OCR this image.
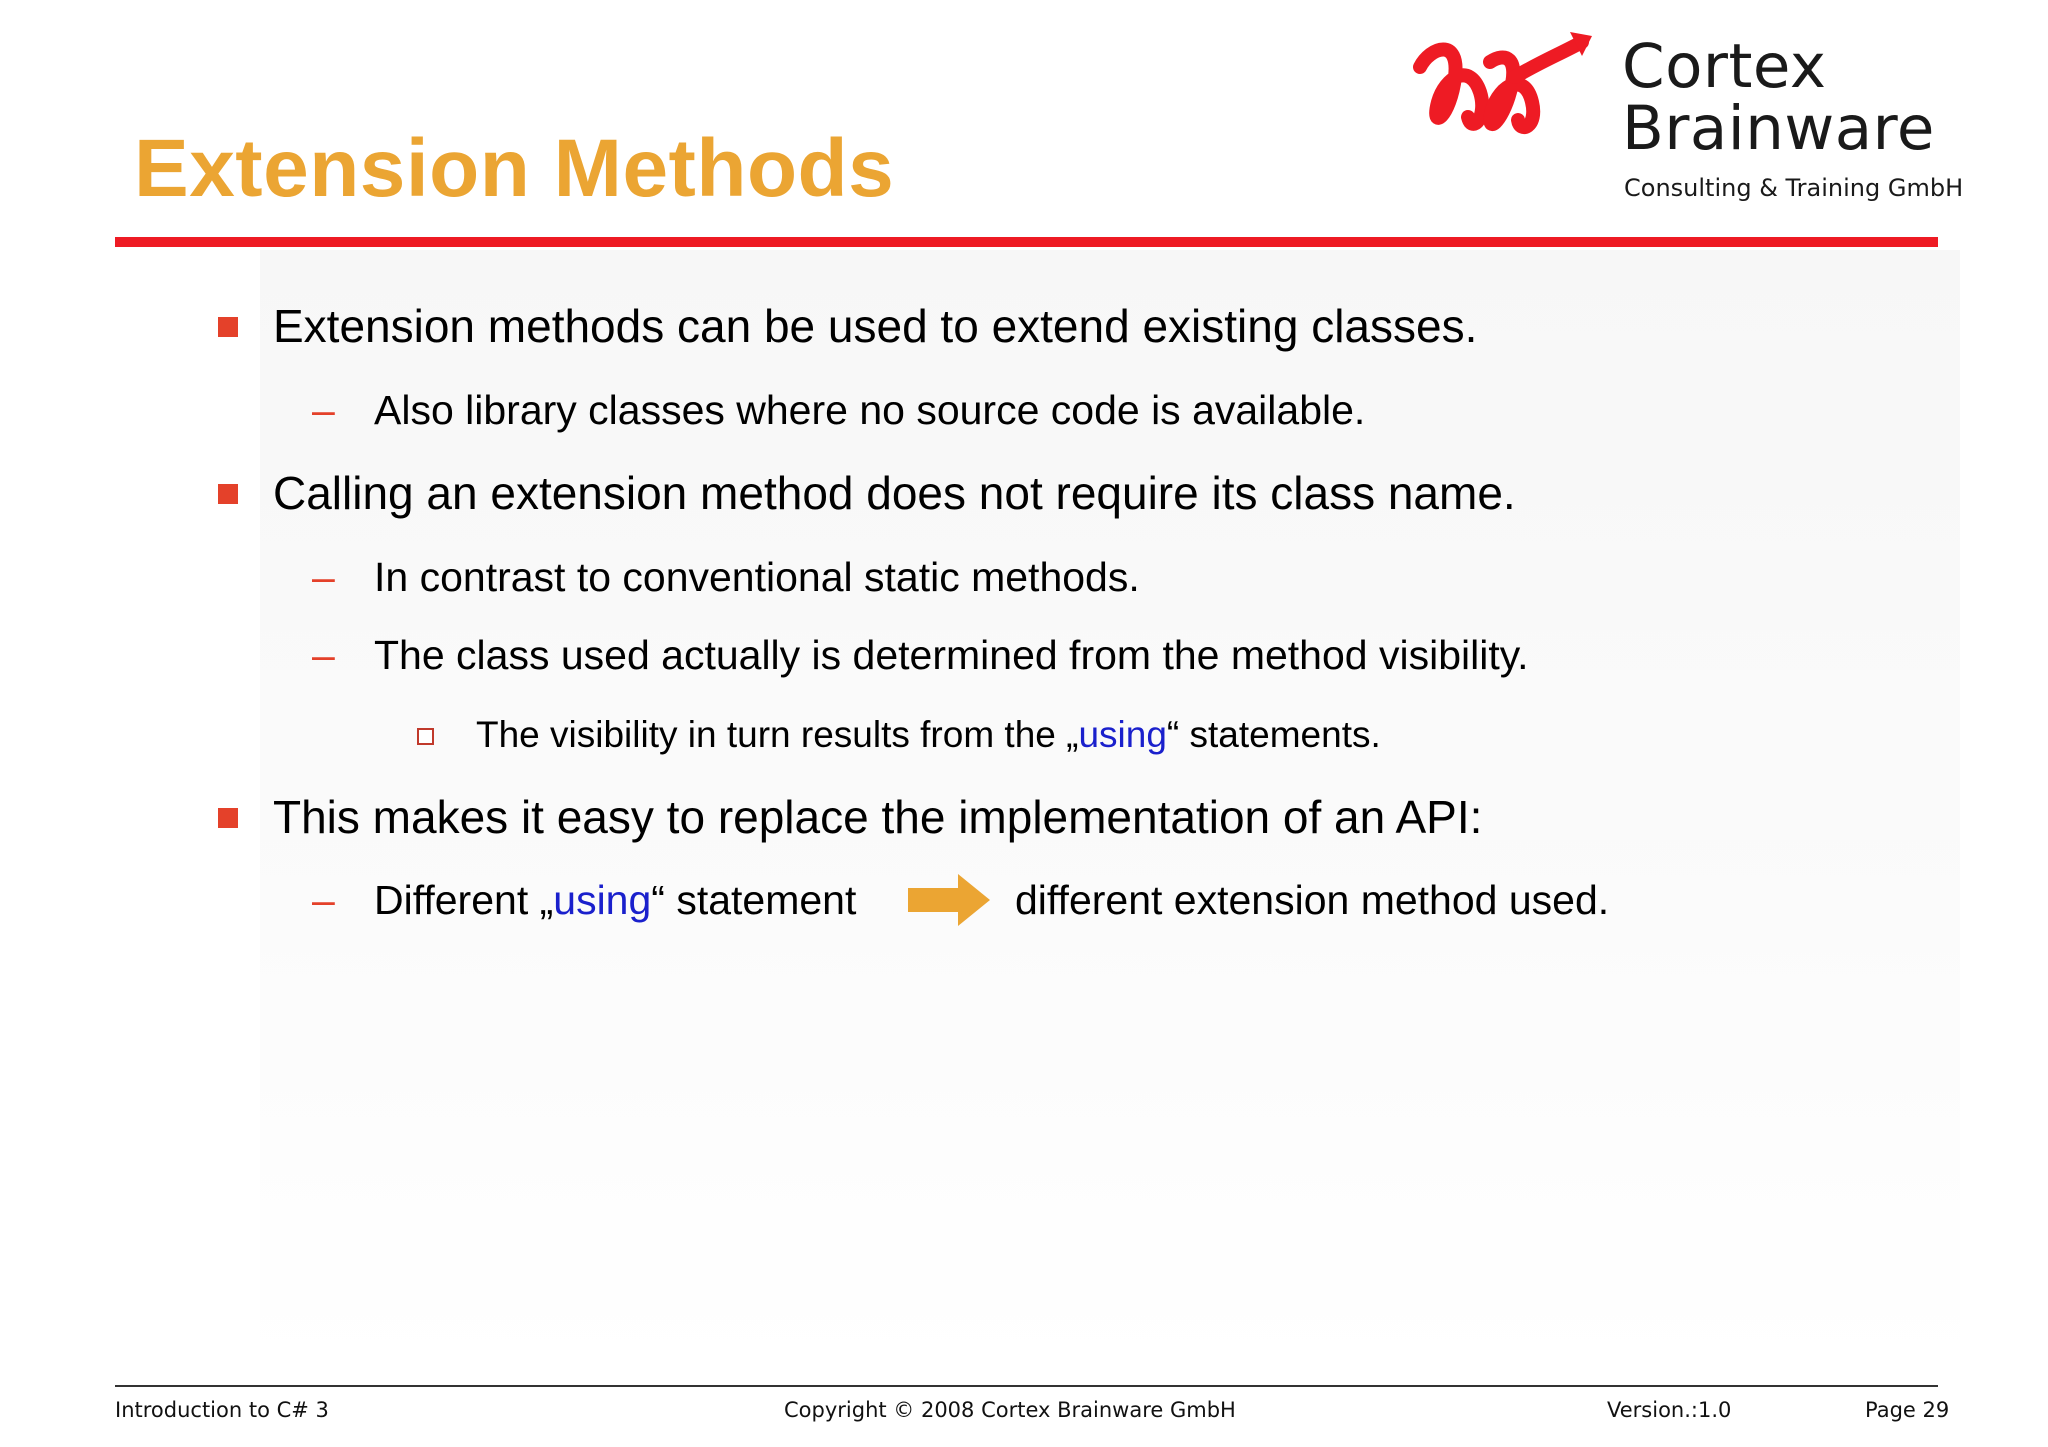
Extension Methods
Cortex
Brainware
Consulting & Training GmbH
Extension methods can be used to extend existing classes.
– Also library classes where no source code is available.
Calling an extension method does not require its class name.
– In contrast to conventional static methods.
– The class used actually is determined from the method visibility.
The visibility in turn results from the „using“ statements.
This makes it easy to replace the implementation of an API:
– Different „using“ statement	different extension method used.
Introduction to C# 3	Copyright © 2008 Cortex Brainware GmbH	Version.:1.0	Page 29
